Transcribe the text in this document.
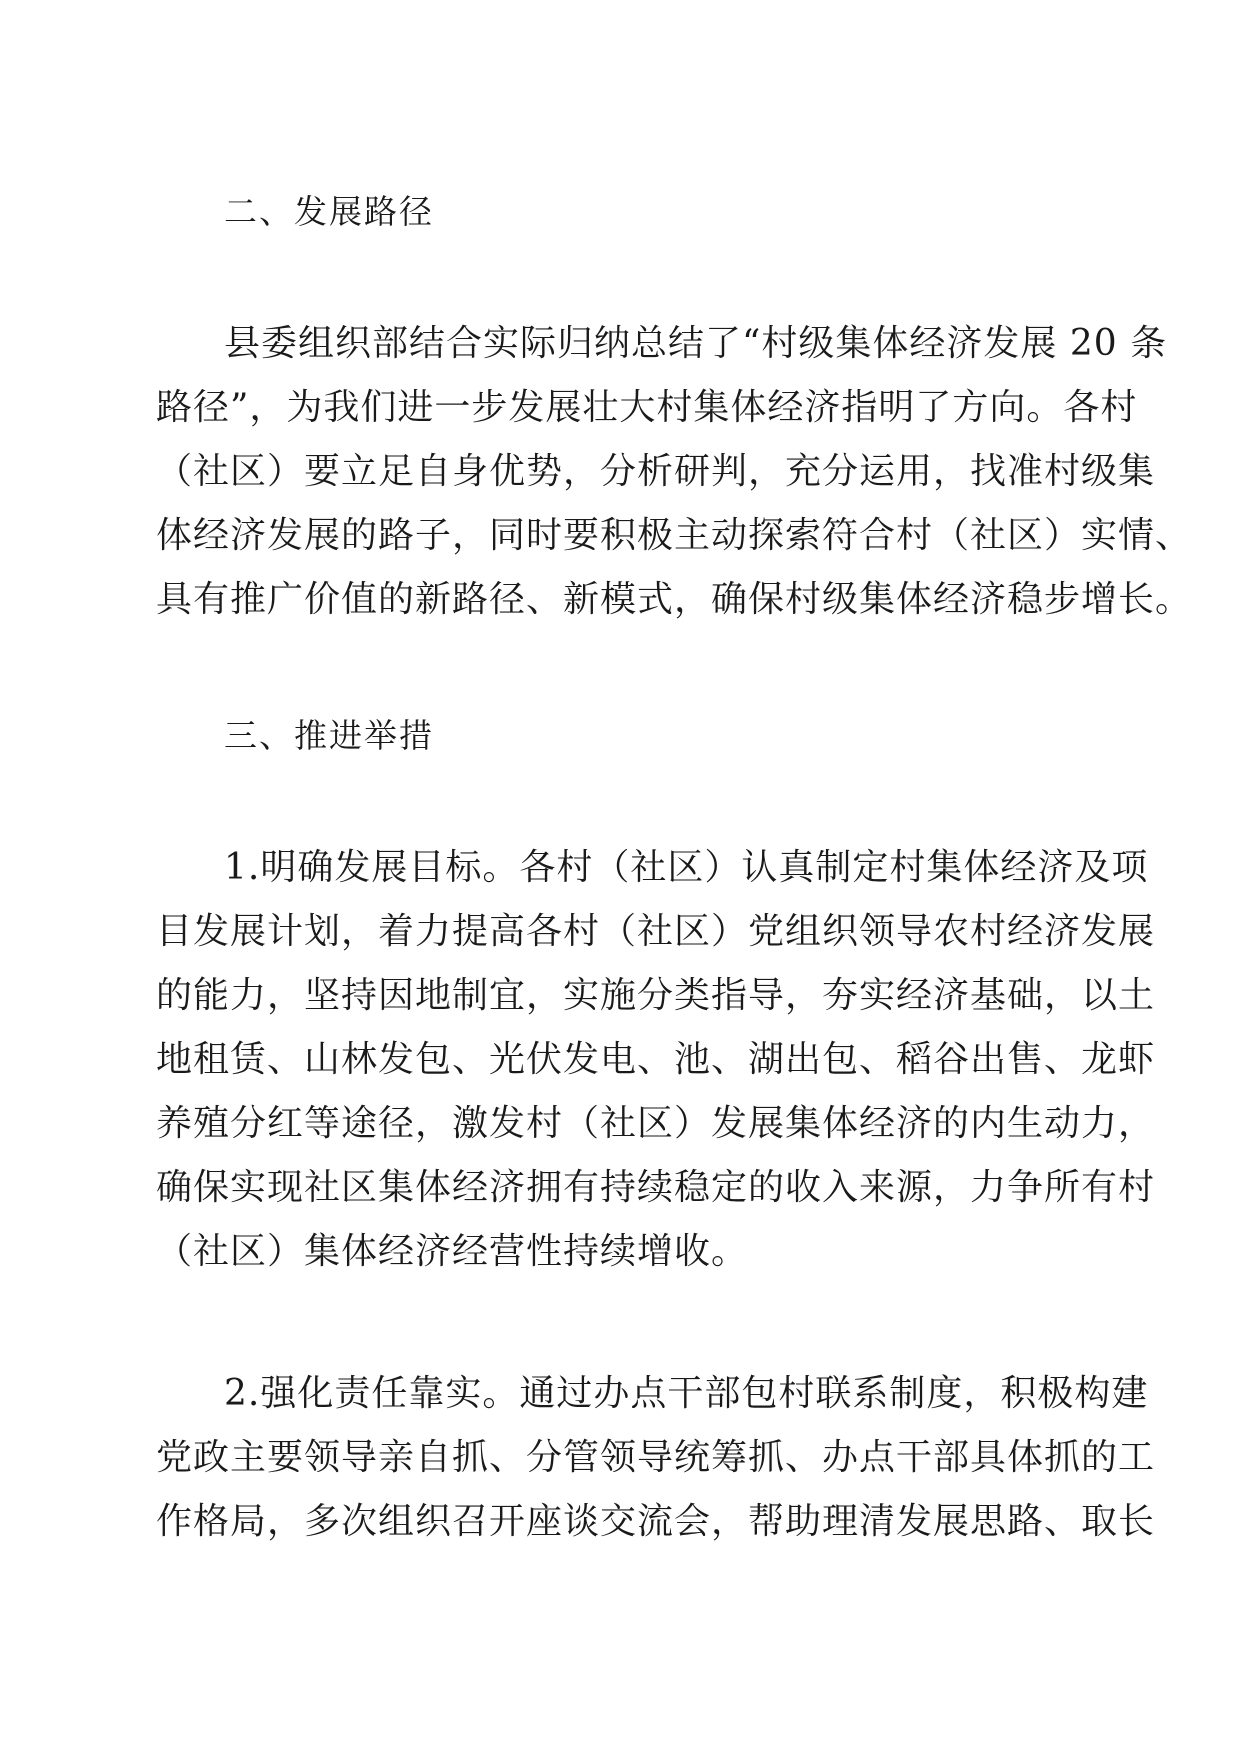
二、发展路径
县委组织部结合实际归纳总结了“村级集体经济发展 20 条
路径”，为我们进一步发展壮大村集体经济指明了方向。各村
（社区）要立足自身优势，分析研判，充分运用，找准村级集
体经济发展的路子，同时要积极主动探索符合村（社区）实情、
具有推广价值的新路径、新模式，确保村级集体经济稳步增长。
三、推进举措
1.明确发展目标。各村（社区）认真制定村集体经济及项
目发展计划，着力提高各村（社区）党组织领导农村经济发展
的能力，坚持因地制宜，实施分类指导，夯实经济基础，以土
地租赁、山林发包、光伏发电、池、湖出包、稻谷出售、龙虾
养殖分红等途径，激发村（社区）发展集体经济的内生动力，
确保实现社区集体经济拥有持续稳定的收入来源，力争所有村
（社区）集体经济经营性持续增收。
2.强化责任靠实。通过办点干部包村联系制度，积极构建
党政主要领导亲自抓、分管领导统筹抓、办点干部具体抓的工
作格局，多次组织召开座谈交流会，帮助理清发展思路、取长
